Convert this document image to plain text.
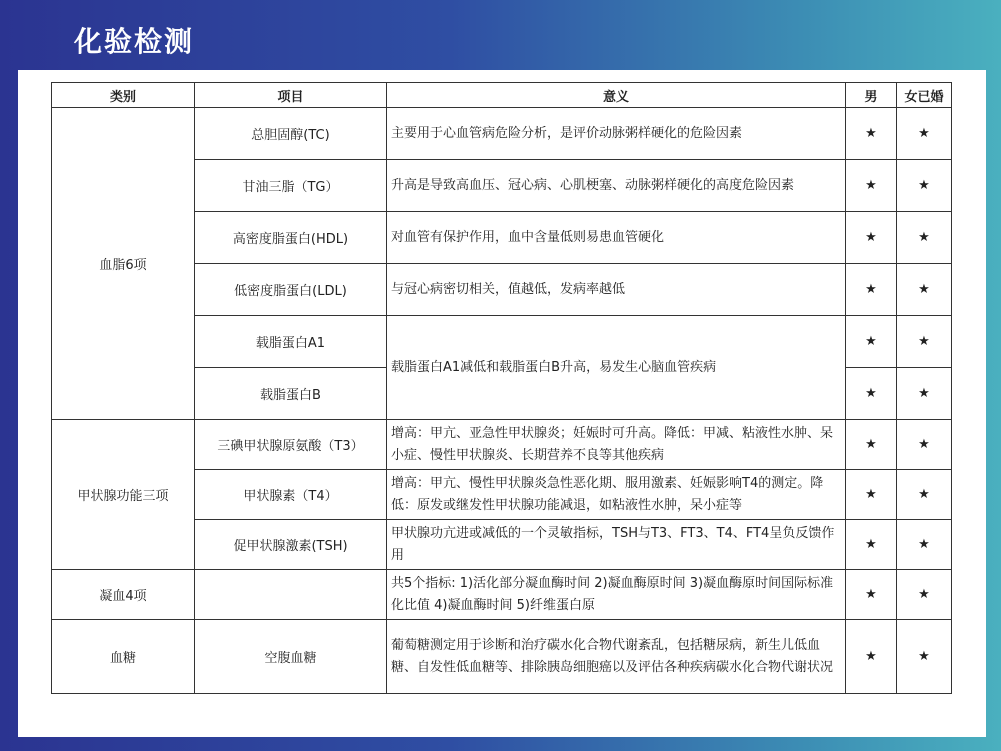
化验检测
类别	项目	意义	男	女已婚
血脂6项	总胆固醇(TC)	主要用于心血管病危险分析，是评价动脉粥样硬化的危险因素	★	★
	甘油三脂（TG）	升高是导致高血压、冠心病、心肌梗塞、动脉粥样硬化的高度危险因素	★	★
	高密度脂蛋白(HDL)	对血管有保护作用，血中含量低则易患血管硬化	★	★
	低密度脂蛋白(LDL)	与冠心病密切相关，值越低，发病率越低	★	★
	载脂蛋白A1	载脂蛋白A1减低和载脂蛋白B升高，易发生心脑血管疾病	★	★
	载脂蛋白B		★	★
甲状腺功能三项	三碘甲状腺原氨酸（T3）	增高：甲亢、亚急性甲状腺炎；妊娠时可升高。降低：甲减、粘液性水肿、呆小症、慢性甲状腺炎、长期营养不良等其他疾病	★	★
	甲状腺素（T4）	增高：甲亢、慢性甲状腺炎急性恶化期、服用激素、妊娠影响T4的测定。降低：原发或继发性甲状腺功能减退，如粘液性水肿，呆小症等	★	★
	促甲状腺激素(TSH)	甲状腺功亢进或减低的一个灵敏指标，TSH与T3、FT3、T4、FT4呈负反馈作用	★	★
凝血4项		共5个指标: 1)活化部分凝血酶时间 2)凝血酶原时间 3)凝血酶原时间国际标准化比值 4)凝血酶时间 5)纤维蛋白原	★	★
血糖	空腹血糖	葡萄糖测定用于诊断和治疗碳水化合物代谢紊乱，包括糖尿病，新生儿低血糖、自发性低血糖等、排除胰岛细胞癌以及评估各种疾病碳水化合物代谢状况	★	★
